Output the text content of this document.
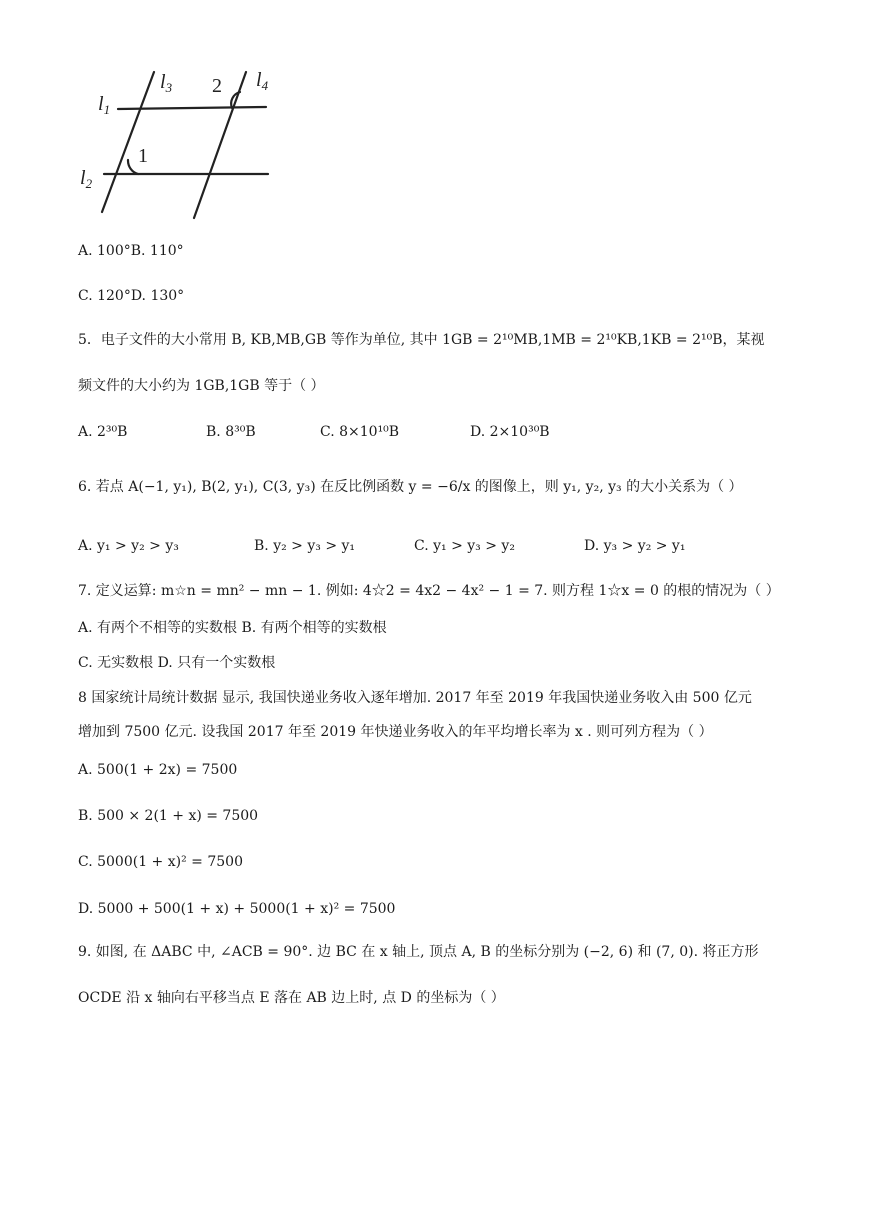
$l_3$	$l_4$
$l_1$
$l_2$
1
2
A. 100°B. 110°
C. 120°D. 130°
5．电子文件的大小常用 B, KB,MB,GB 等作为单位, 其中 1GB = 2¹⁰MB,1MB = 2¹⁰KB,1KB = 2¹⁰B，某视
频文件的大小约为 1GB,1GB 等于（ ）
A. 2³⁰B	B. 8³⁰B	C. 8×10¹⁰B	D. 2×10³⁰B
6. 若点 A(−1, y₁), B(2, y₁), C(3, y₃) 在反比例函数 y = −6/x 的图像上，则 y₁, y₂, y₃ 的大小关系为（ ）
A. y₁ > y₂ > y₃	B. y₂ > y₃ > y₁	C. y₁ > y₃ > y₂	D. y₃ > y₂ > y₁
7. 定义运算: m☆n = mn² − mn − 1. 例如: 4☆2 = 4x2 − 4x² − 1 = 7. 则方程 1☆x = 0 的根的情况为（ ）
A. 有两个不相等的实数根 B. 有两个相等的实数根
C. 无实数根 D. 只有一个实数根
8 国家统计局统计数据 显示, 我国快递业务收入逐年增加. 2017 年至 2019 年我国快递业务收入由 500 亿元
增加到 7500 亿元. 设我国 2017 年至 2019 年快递业务收入的年平均增长率为 x . 则可列方程为（ ）
A. 500(1 + 2x) = 7500
B. 500 × 2(1 + x) = 7500
C. 5000(1 + x)² = 7500
D. 5000 + 500(1 + x) + 5000(1 + x)² = 7500
9. 如图, 在 ΔABC 中, ∠ACB = 90°. 边 BC 在 x 轴上, 顶点 A, B 的坐标分别为 (−2, 6) 和 (7, 0). 将正方形
OCDE 沿 x 轴向右平移当点 E 落在 AB 边上时, 点 D 的坐标为（ ）
